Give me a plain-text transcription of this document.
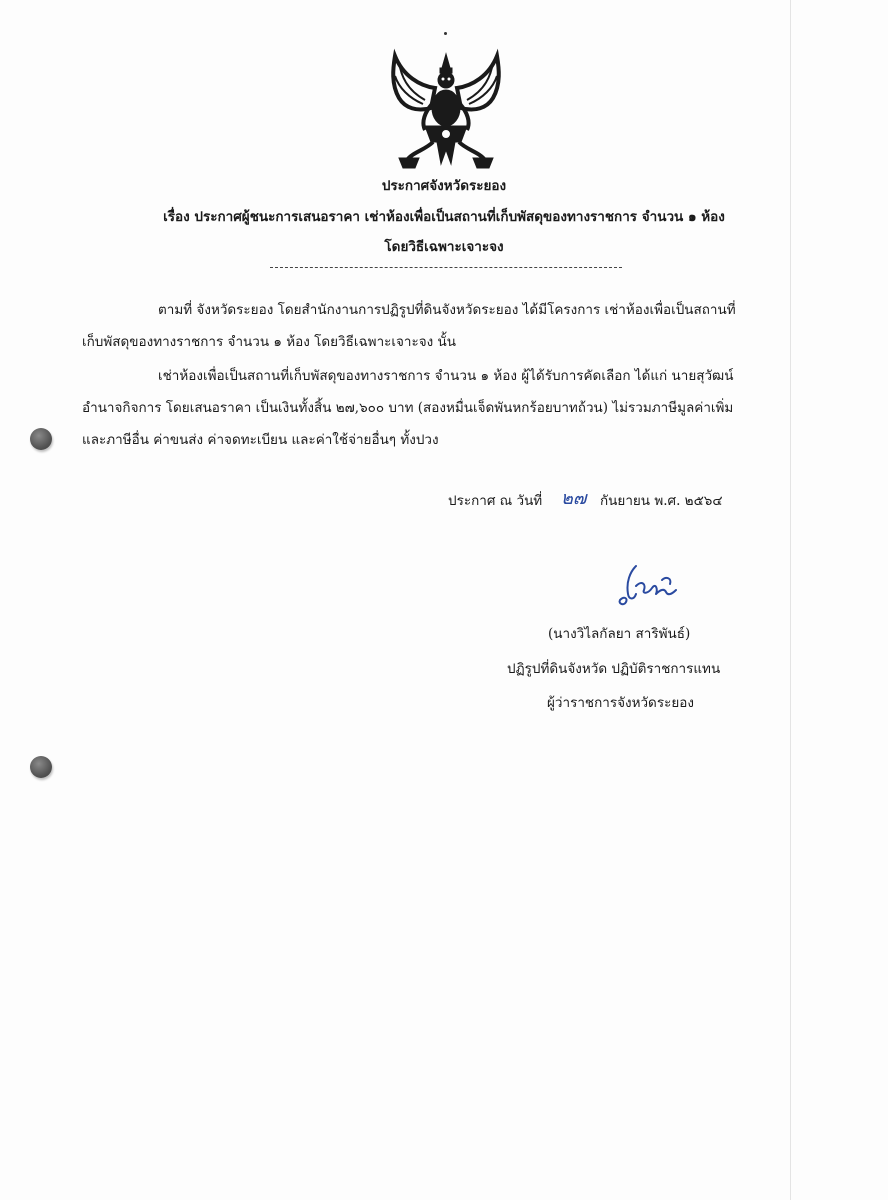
ประกาศจังหวัดระยอง
เรื่อง ประกาศผู้ชนะการเสนอราคา เช่าห้องเพื่อเป็นสถานที่เก็บพัสดุของทางราชการ จำนวน ๑ ห้อง
โดยวิธีเฉพาะเจาะจง
ตามที่ จังหวัดระยอง โดยสำนักงานการปฏิรูปที่ดินจังหวัดระยอง ได้มีโครงการ เช่าห้องเพื่อเป็นสถานที่
เก็บพัสดุของทางราชการ จำนวน ๑ ห้อง โดยวิธีเฉพาะเจาะจง นั้น
เช่าห้องเพื่อเป็นสถานที่เก็บพัสดุของทางราชการ จำนวน ๑ ห้อง ผู้ได้รับการคัดเลือก ได้แก่ นายสุวัฒน์
อำนาจกิจการ โดยเสนอราคา เป็นเงินทั้งสิ้น ๒๗,๖๐๐ บาท (สองหมื่นเจ็ดพันหกร้อยบาทถ้วน) ไม่รวมภาษีมูลค่าเพิ่ม
และภาษีอื่น ค่าขนส่ง ค่าจดทะเบียน และค่าใช้จ่ายอื่นๆ ทั้งปวง
ประกาศ ณ วันที่ ๒๗ กันยายน พ.ศ. ๒๕๖๔
(นางวิไลกัลยา สาริพันธ์)
ปฏิรูปที่ดินจังหวัด ปฏิบัติราชการแทน
ผู้ว่าราชการจังหวัดระยอง
